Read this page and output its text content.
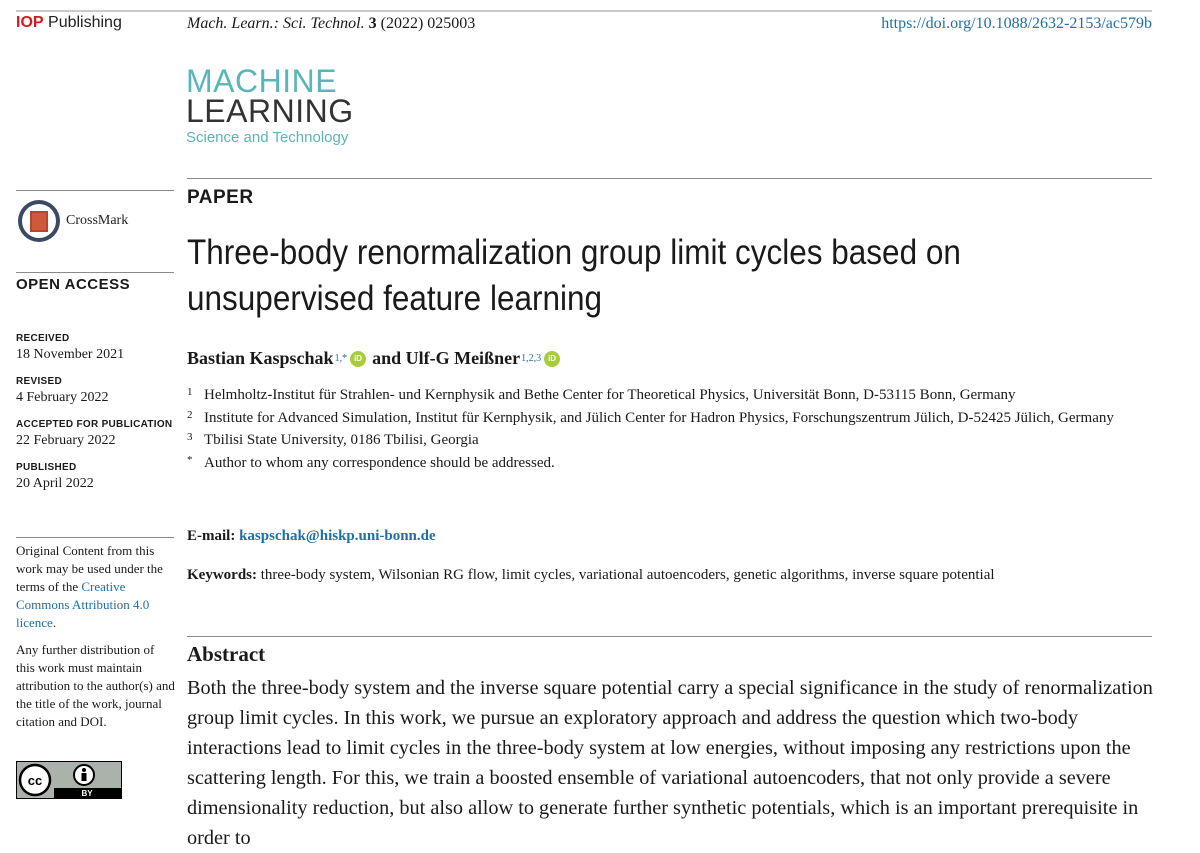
IOP Publishing	Mach. Learn.: Sci. Technol. 3 (2022) 025003	https://doi.org/10.1088/2632-2153/ac579b
MACHINE
LEARNING
Science and Technology
CrossMark
OPEN ACCESS
RECEIVED
18 November 2021
REVISED
4 February 2022
ACCEPTED FOR PUBLICATION
22 February 2022
PUBLISHED
20 April 2022

Original Content from this work may be used under the terms of the Creative Commons Attribution 4.0 licence.

Any further distribution of this work must maintain attribution to the author(s) and the title of the work, journal citation and DOI.

cc
BY
PAPER
Three-body renormalization group limit cycles based on unsupervised feature learning
Bastian Kaspschak 1,* iD and
Ulf-G Meißner 1,2,3 iD
1 Helmholtz-Institut für Strahlen- und Kernphysik and Bethe Center for Theoretical Physics, Universität Bonn, D-53115 Bonn, Germany
2 Institute for Advanced Simulation, Institut für Kernphysik, and Jülich Center for Hadron Physics, Forschungszentrum Jülich, D-52425 Jülich, Germany
3 Tbilisi State University, 0186 Tbilisi, Georgia
* Author to whom any correspondence should be addressed.
E-mail: kaspschak@hiskp.uni-bonn.de
Keywords: three-body system, Wilsonian RG flow, limit cycles, variational autoencoders, genetic algorithms, inverse square potential
Abstract
Both the three-body system and the inverse square potential carry a special significance in the study of renormalization group limit cycles. In this work, we pursue an exploratory approach and address the question which two-body interactions lead to limit cycles in the three-body system at low energies, without imposing any restrictions upon the scattering length. For this, we train a boosted ensemble of variational autoencoders, that not only provide a severe dimensionality reduction, but also allow to generate further synthetic potentials, which is an important prerequisite in order to
